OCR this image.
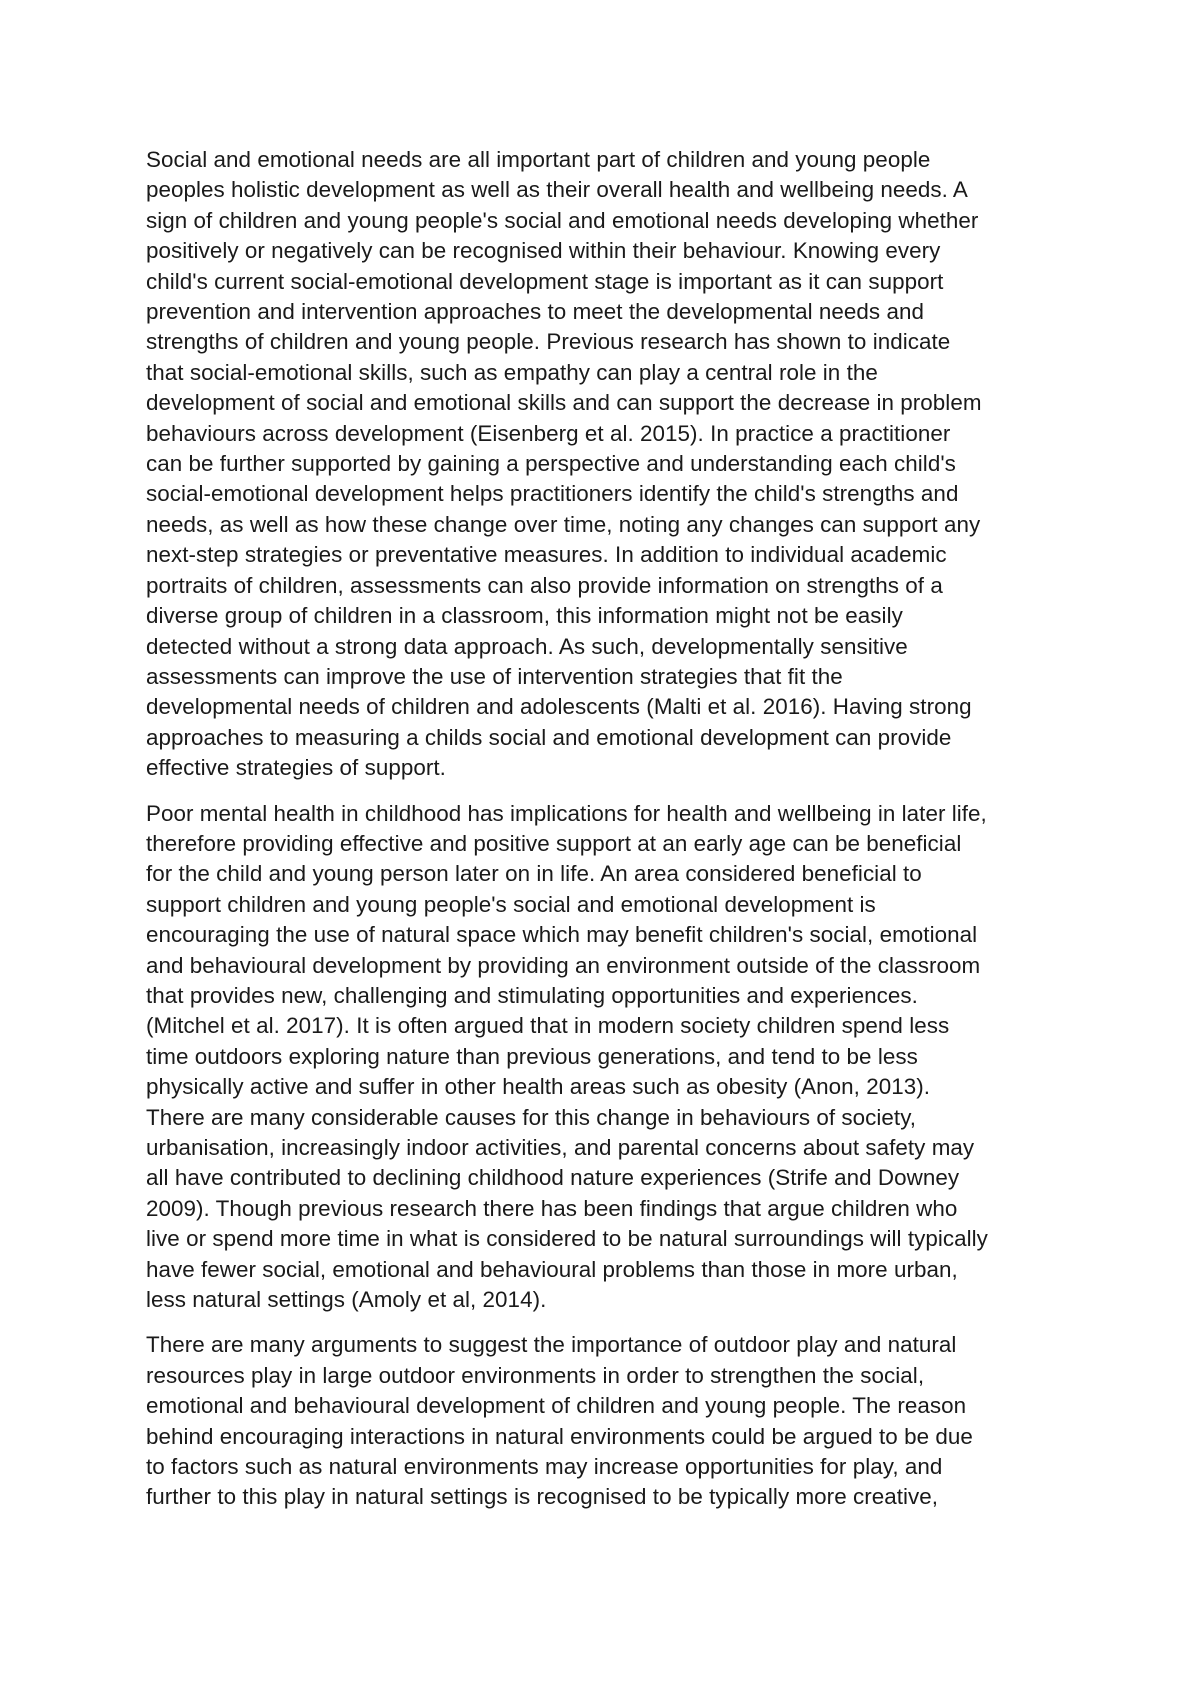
Social and emotional needs are all important part of children and young people
peoples holistic development as well as their overall health and wellbeing needs. A
sign of children and young people's social and emotional needs developing whether
positively or negatively can be recognised within their behaviour. Knowing every
child's current social-emotional development stage is important as it can support
prevention and intervention approaches to meet the developmental needs and
strengths of children and young people. Previous research has shown to indicate
that social-emotional skills, such as empathy can play a central role in the
development of social and emotional skills and can support the decrease in problem
behaviours across development (Eisenberg et al. 2015). In practice a practitioner
can be further supported by gaining a perspective and understanding each child's
social-emotional development helps practitioners identify the child's strengths and
needs, as well as how these change over time, noting any changes can support any
next-step strategies or preventative measures. In addition to individual academic
portraits of children, assessments can also provide information on strengths of a
diverse group of children in a classroom, this information might not be easily
detected without a strong data approach. As such, developmentally sensitive
assessments can improve the use of intervention strategies that fit the
developmental needs of children and adolescents (Malti et al. 2016). Having strong
approaches to measuring a childs social and emotional development can provide
effective strategies of support.

Poor mental health in childhood has implications for health and wellbeing in later life,
therefore providing effective and positive support at an early age can be beneficial
for the child and young person later on in life. An area considered beneficial to
support children and young people's social and emotional development is
encouraging the use of natural space which may benefit children's social, emotional
and behavioural development by providing an environment outside of the classroom
that provides new, challenging and stimulating opportunities and experiences.
(Mitchel et al. 2017). It is often argued that in modern society children spend less
time outdoors exploring nature than previous generations, and tend to be less
physically active and suffer in other health areas such as obesity (Anon, 2013).
There are many considerable causes for this change in behaviours of society,
urbanisation, increasingly indoor activities, and parental concerns about safety may
all have contributed to declining childhood nature experiences (Strife and Downey
2009). Though previous research there has been findings that argue children who
live or spend more time in what is considered to be natural surroundings will typically
have fewer social, emotional and behavioural problems than those in more urban,
less natural settings (Amoly et al, 2014).

There are many arguments to suggest the importance of outdoor play and natural
resources play in large outdoor environments in order to strengthen the social,
emotional and behavioural development of children and young people. The reason
behind encouraging interactions in natural environments could be argued to be due
to factors such as natural environments may increase opportunities for play, and
further to this play in natural settings is recognised to be typically more creative,
